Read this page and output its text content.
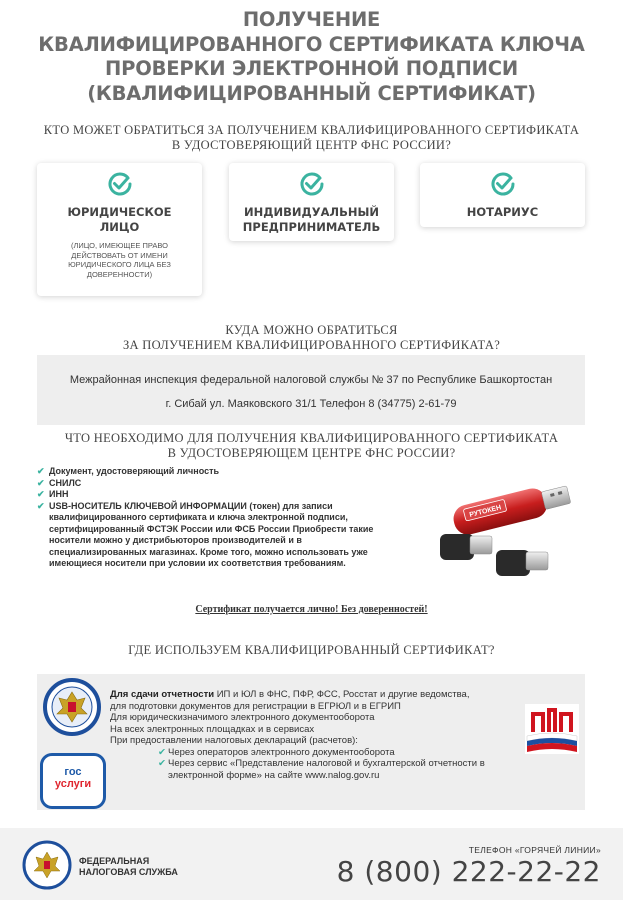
ПОЛУЧЕНИЕ
КВАЛИФИЦИРОВАННОГО СЕРТИФИКАТА КЛЮЧА
ПРОВЕРКИ ЭЛЕКТРОННОЙ ПОДПИСИ
(КВАЛИФИЦИРОВАННЫЙ СЕРТИФИКАТ)
КТО МОЖЕТ ОБРАТИТЬСЯ ЗА ПОЛУЧЕНИЕМ КВАЛИФИЦИРОВАННОГО СЕРТИФИКАТА
В УДОСТОВЕРЯЮЩИЙ ЦЕНТР ФНС РОССИИ?
ЮРИДИЧЕСКОЕ
ЛИЦО
(ЛИЦО, ИМЕЮЩЕЕ ПРАВО ДЕЙСТВОВАТЬ ОТ ИМЕНИ ЮРИДИЧЕСКОГО ЛИЦА БЕЗ ДОВЕРЕННОСТИ)
ИНДИВИДУАЛЬНЫЙ
ПРЕДПРИНИМАТЕЛЬ
НОТАРИУС
КУДА МОЖНО ОБРАТИТЬСЯ
ЗА ПОЛУЧЕНИЕМ КВАЛИФИЦИРОВАННОГО СЕРТИФИКАТА?
Межрайонная инспекция федеральной налоговой службы № 37 по Республике Башкортостан
г. Сибай ул. Маяковского 31/1 Телефон 8 (34775) 2-61-79
ЧТО НЕОБХОДИМО ДЛЯ ПОЛУЧЕНИЯ КВАЛИФИЦИРОВАННОГО СЕРТИФИКАТА
В УДОСТОВЕРЯЮЩЕМ ЦЕНТРЕ ФНС РОССИИ?
✔ Документ, удостоверяющий личность
✔ СНИЛС
✔ ИНН
✔ USB-НОСИТЕЛЬ КЛЮЧЕВОЙ ИНФОРМАЦИИ (токен) для записи квалифицированного сертификата и ключа электронной подписи, сертифицированный ФСТЭК России или ФСБ России Приобрести такие носители можно у дистрибьюторов производителей и в специализированных магазинах. Кроме того, можно использовать уже имеющиеся носители при условии их соответствия требованиям.
РУТОКЕН
Сертификат получается лично! Без доверенностей!
ГДЕ ИСПОЛЬЗУЕМ КВАЛИФИЦИРОВАННЫЙ СЕРТИФИКАТ?
гос
услуги
Для сдачи отчетности ИП и ЮЛ в ФНС, ПФР, ФСС, Росстат и другие ведомства,
для подготовки документов для регистрации в ЕГРЮЛ и в ЕГРИП
Для юридическизначимого электронного документооборота
На всех электронных площадках и в сервисах
При предоставлении налоговых деклараций (расчетов):
✔ Через операторов электронного документооборота
✔ Через сервис «Представление налоговой и бухгалтерской отчетности в
электронной форме» на сайте www.nalog.gov.ru
ФЕДЕРАЛЬНАЯ
НАЛОГОВАЯ СЛУЖБА
ТЕЛЕФОН «ГОРЯЧЕЙ ЛИНИИ»
8 (800) 222-22-22
